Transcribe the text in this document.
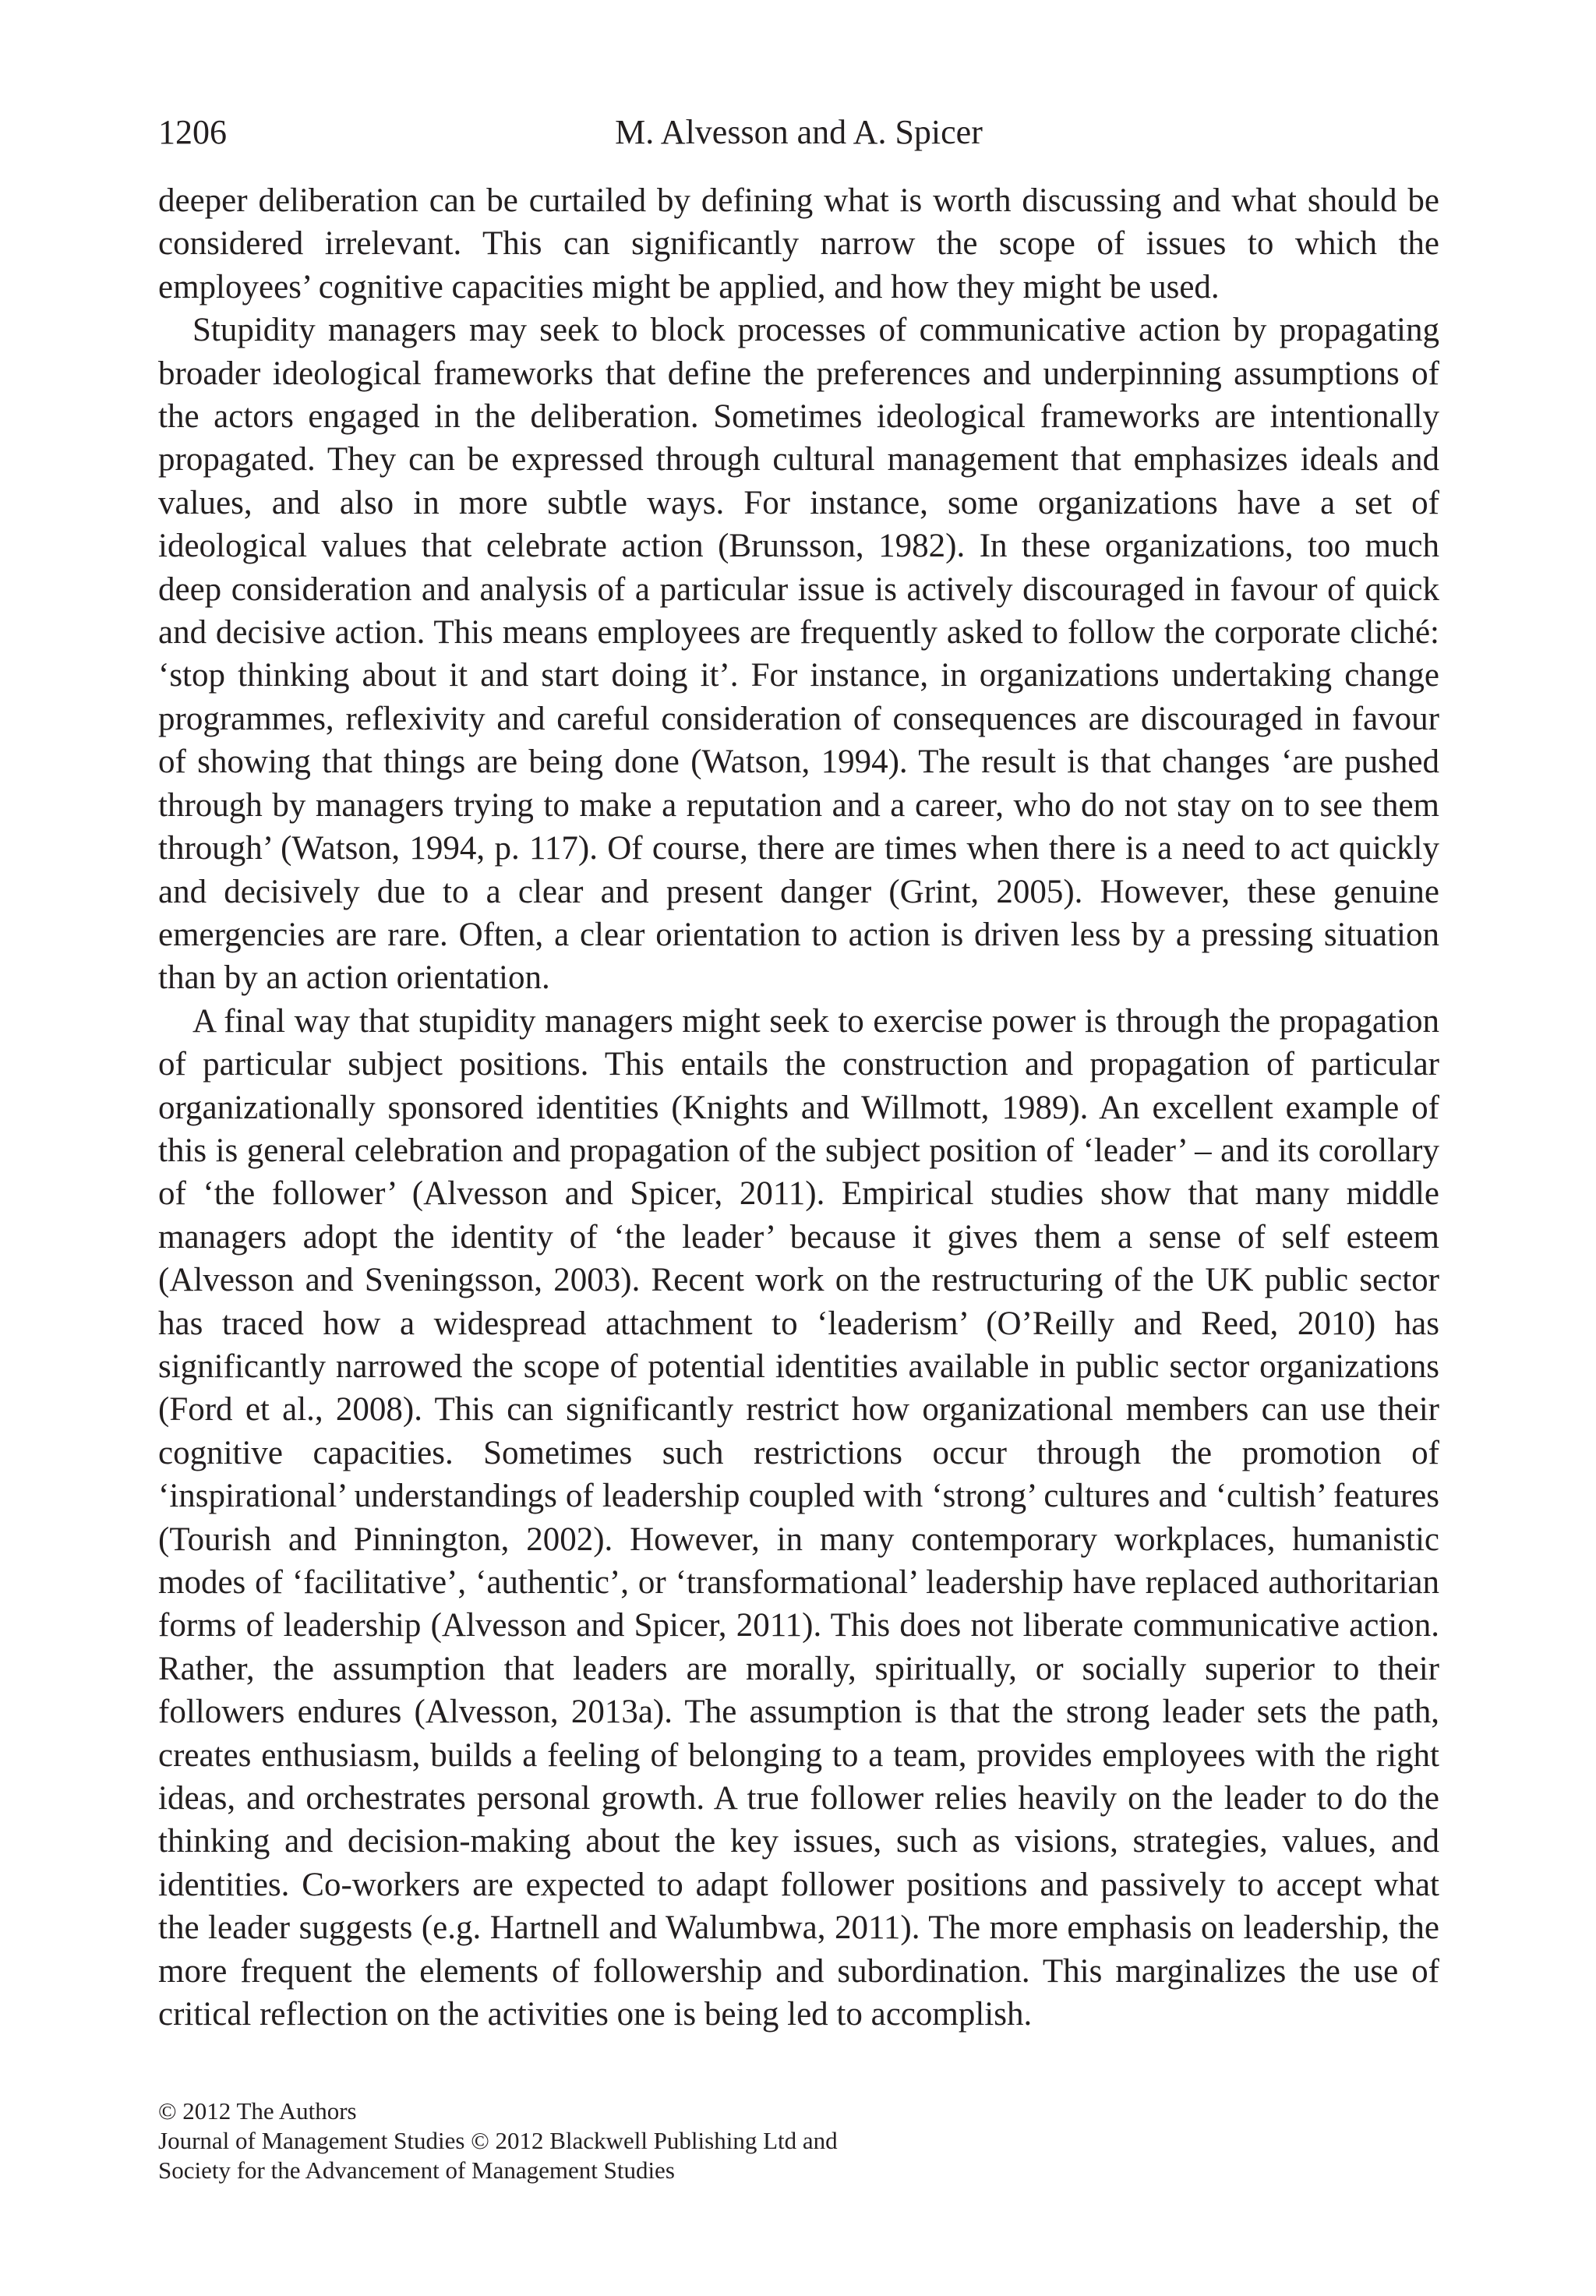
1206	M. Alvesson and A. Spicer

deeper deliberation can be curtailed by defining what is worth discussing and what should be considered irrelevant. This can significantly narrow the scope of issues to which the employees’ cognitive capacities might be applied, and how they might be used.

Stupidity managers may seek to block processes of communicative action by propagating broader ideological frameworks that define the preferences and underpinning assumptions of the actors engaged in the deliberation. Sometimes ideological frameworks are intentionally propagated. They can be expressed through cultural management that emphasizes ideals and values, and also in more subtle ways. For instance, some organizations have a set of ideological values that celebrate action (Brunsson, 1982). In these organizations, too much deep consideration and analysis of a particular issue is actively discouraged in favour of quick and decisive action. This means employees are frequently asked to follow the corporate cliché: ‘stop thinking about it and start doing it’. For instance, in organizations undertaking change programmes, reflexivity and careful consideration of consequences are discouraged in favour of showing that things are being done (Watson, 1994). The result is that changes ‘are pushed through by managers trying to make a reputation and a career, who do not stay on to see them through’ (Watson, 1994, p. 117). Of course, there are times when there is a need to act quickly and decisively due to a clear and present danger (Grint, 2005). However, these genuine emergencies are rare. Often, a clear orientation to action is driven less by a pressing situation than by an action orientation.

A final way that stupidity managers might seek to exercise power is through the propagation of particular subject positions. This entails the construction and propagation of particular organizationally sponsored identities (Knights and Willmott, 1989). An excellent example of this is general celebration and propagation of the subject position of ‘leader’ – and its corollary of ‘the follower’ (Alvesson and Spicer, 2011). Empirical studies show that many middle managers adopt the identity of ‘the leader’ because it gives them a sense of self esteem (Alvesson and Sveningsson, 2003). Recent work on the restructuring of the UK public sector has traced how a widespread attachment to ‘leaderism’ (O’Reilly and Reed, 2010) has significantly narrowed the scope of potential identities available in public sector organizations (Ford et al., 2008). This can significantly restrict how organizational members can use their cognitive capacities. Sometimes such restrictions occur through the promotion of ‘inspirational’ understandings of leadership coupled with ‘strong’ cultures and ‘cultish’ features (Tourish and Pinnington, 2002). However, in many contemporary workplaces, humanistic modes of ‘facilitative’, ‘authentic’, or ‘transformational’ leadership have replaced authoritarian forms of leadership (Alvesson and Spicer, 2011). This does not liberate communicative action. Rather, the assumption that leaders are morally, spiritually, or socially superior to their followers endures (Alvesson, 2013a). The assumption is that the strong leader sets the path, creates enthusiasm, builds a feeling of belonging to a team, provides employees with the right ideas, and orchestrates personal growth. A true follower relies heavily on the leader to do the thinking and decision-making about the key issues, such as visions, strategies, values, and identities. Co-workers are expected to adapt follower positions and passively to accept what the leader suggests (e.g. Hartnell and Walumbwa, 2011). The more emphasis on leadership, the more frequent the elements of followership and subordination. This marginalizes the use of critical reflection on the activities one is being led to accomplish.

© 2012 The Authors
Journal of Management Studies © 2012 Blackwell Publishing Ltd and
Society for the Advancement of Management Studies
